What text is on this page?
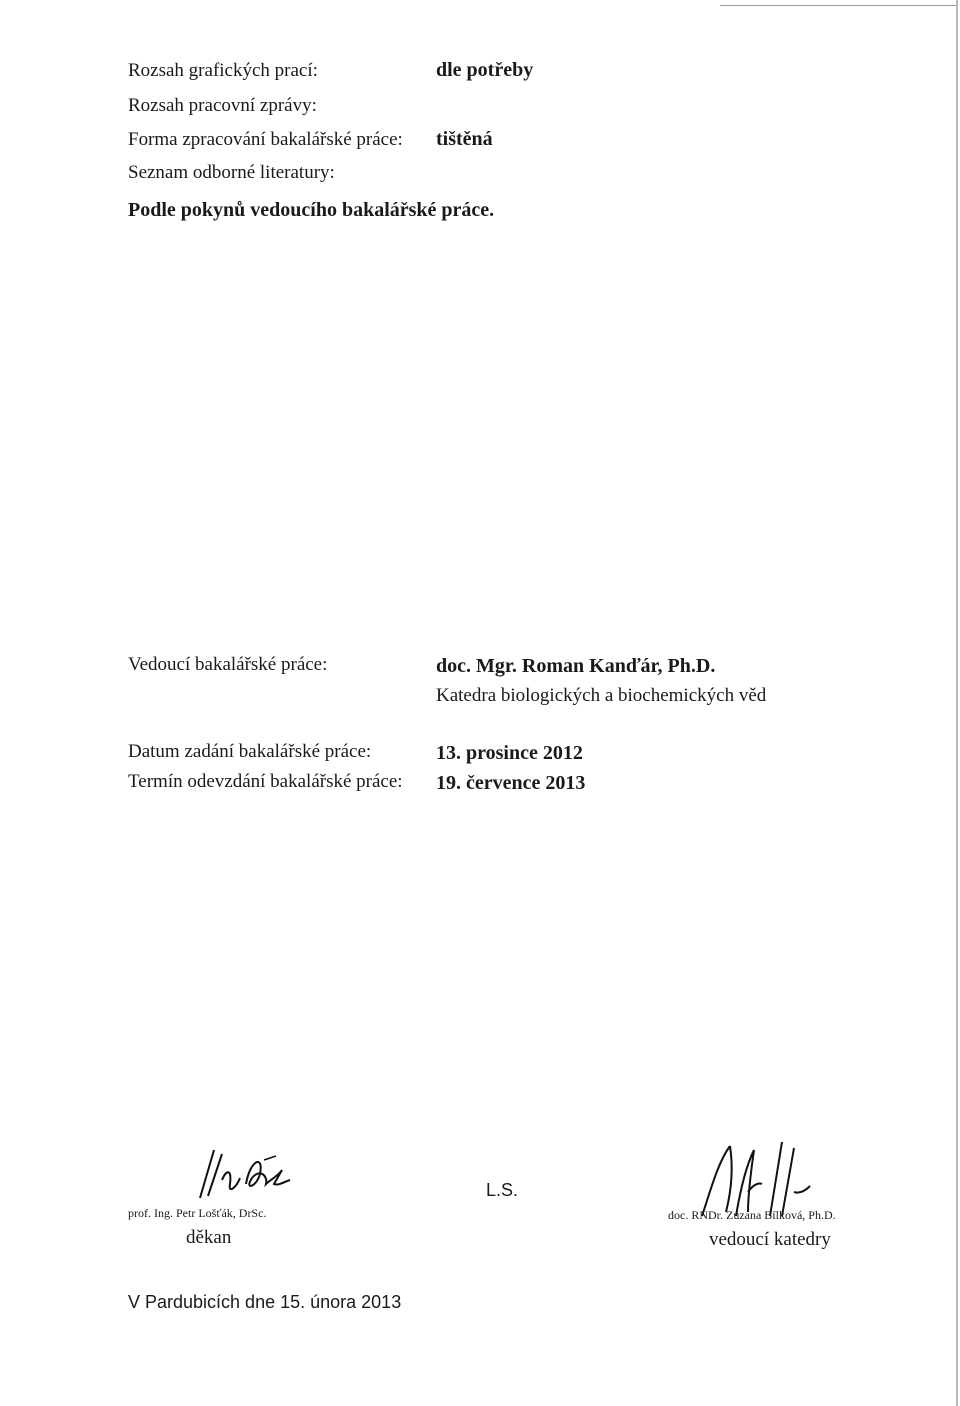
Rozsah grafických prací:	dle potřeby
Rozsah pracovní zprávy:
Forma zpracování bakalářské práce: tištěná
Seznam odborné literatury:
Podle pokynů vedoucího bakalářské práce.
Vedoucí bakalářské práce:	doc. Mgr. Roman Kanďár, Ph.D.
Katedra biologických a biochemických věd
Datum zadání bakalářské práce:	13. prosince 2012
Termín odevzdání bakalářské práce: 19. července 2013
prof. Ing. Petr Lošťák, DrSc.
děkan
L.S.
doc. RNDr. Zuzana Bílková, Ph.D.
vedoucí katedry
V Pardubicích dne 15. února 2013
